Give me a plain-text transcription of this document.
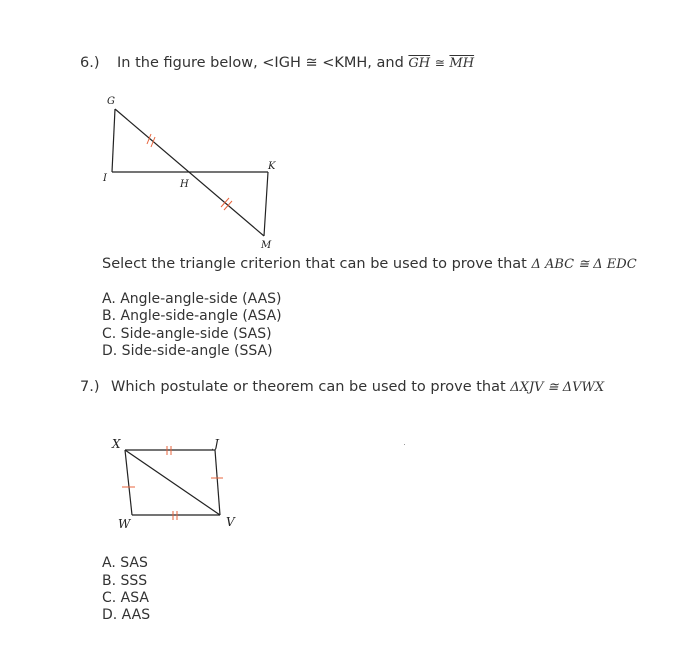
6.) In the figure below, <IGH ≅ <KMH, and $\overline{GH}$ ≅ $\overline{MH}$
G
I
H
K
M
Select the triangle criterion that can be used to prove that Δ ABC ≅ Δ EDC
A. Angle-angle-side (AAS)
B. Angle-side-angle (ASA)
C. Side-angle-side (SAS)
D. Side-side-angle (SSA)
7.) Which postulate or theorem can be used to prove that ΔXJV ≅ ΔVWX
X	J
W	V
A. SAS
B. SSS
C. ASA
D. AAS
